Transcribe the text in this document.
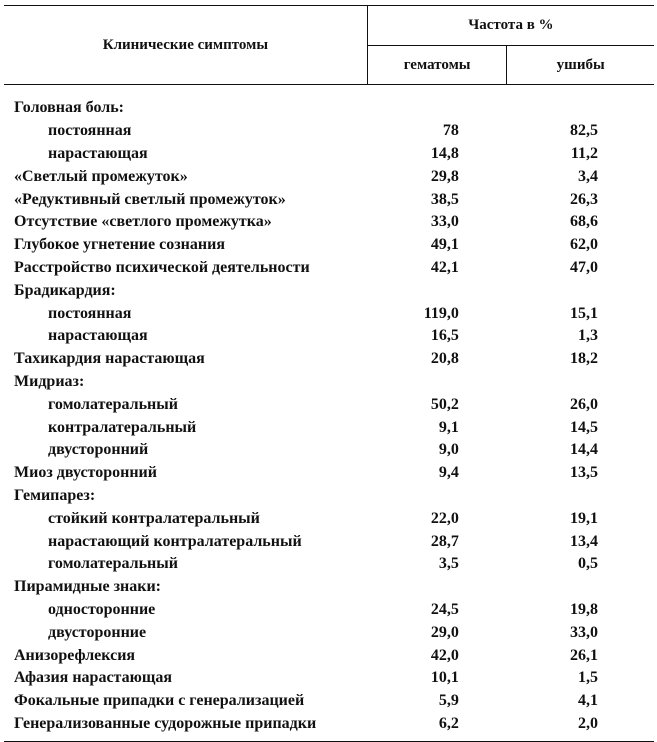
Клинические симптомы	Частота в %	
	гематомы	ушибы
Головная боль:		
постоянная	78	82,5
нарастающая	14,8	11,2
«Светлый промежуток»	29,8	3,4
«Редуктивный светлый промежуток»	38,5	26,3
Отсутствие «светлого промежутка»	33,0	68,6
Глубокое угнетение сознания	49,1	62,0
Расстройство психической деятельности	42,1	47,0
Брадикардия:		
постоянная	119,0	15,1
нарастающая	16,5	1,3
Тахикардия нарастающая	20,8	18,2
Мидриаз:		
гомолатеральный	50,2	26,0
контралатеральный	9,1	14,5
двусторонний	9,0	14,4
Миоз двусторонний	9,4	13,5
Гемипарез:		
стойкий контралатеральный	22,0	19,1
нарастающий контралатеральный	28,7	13,4
гомолатеральный	3,5	0,5
Пирамидные знаки:		
односторонние	24,5	19,8
двусторонние	29,0	33,0
Анизорефлексия	42,0	26,1
Афазия нарастающая	10,1	1,5
Фокальные припадки с генерализацией	5,9	4,1
Генерализованные судорожные припадки	6,2	2,0
